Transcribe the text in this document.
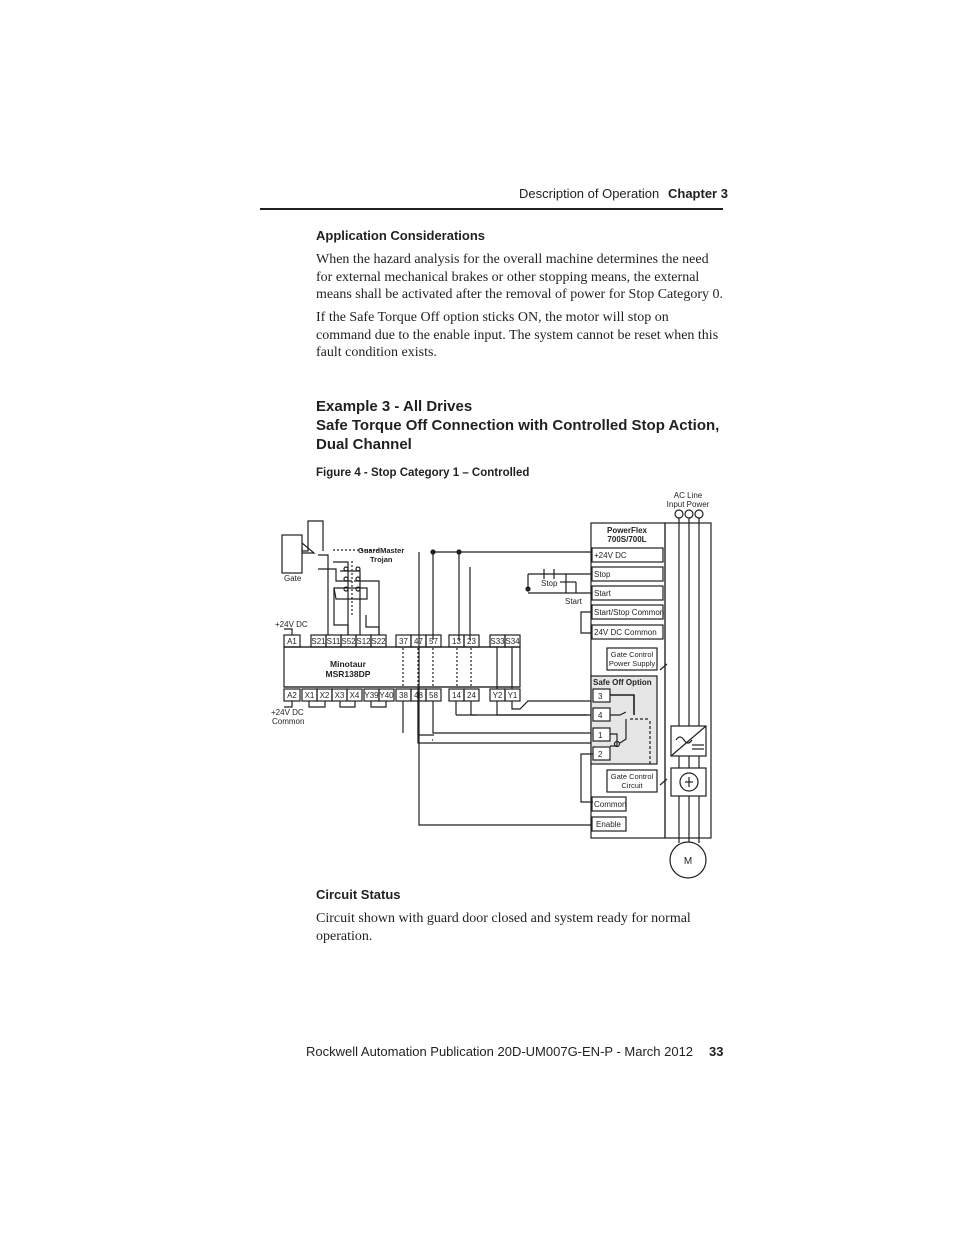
Description of Operation Chapter 3
Application Considerations
When the hazard analysis for the overall machine determines the need for external mechanical brakes or other stopping means, the external means shall be activated after the removal of power for Stop Category 0.
If the Safe Torque Off option sticks ON, the motor will stop on command due to the enable input. The system cannot be reset when this fault condition exists.
Example 3 - All Drives
Safe Torque Off Connection with Controlled Stop Action, Dual Channel
Figure 4 - Stop Category 1 – Controlled
AC Line
Input Power
PowerFlex
700S/700L
Gate
GuardMaster
Trojan
Stop
Start
+24V DC
+24V DC
Common
Minotaur
MSR138DP
Safe Off Option
Gate Control
Power Supply
Gate Control
Circuit
M
+24V DC
Stop
Start
Start/Stop Common
24V DC Common
Common
Enable
3
4
1
2
A1 S21 S11 S52 S12 S22 37 47 57 13 23 S33 S34
A2 X1 X2 X3 X4 Y39 Y40 38 48 58 14 24 Y2 Y1
Circuit Status
Circuit shown with guard door closed and system ready for normal operation.
Rockwell Automation Publication 20D-UM007G-EN-P - March 2012 33
